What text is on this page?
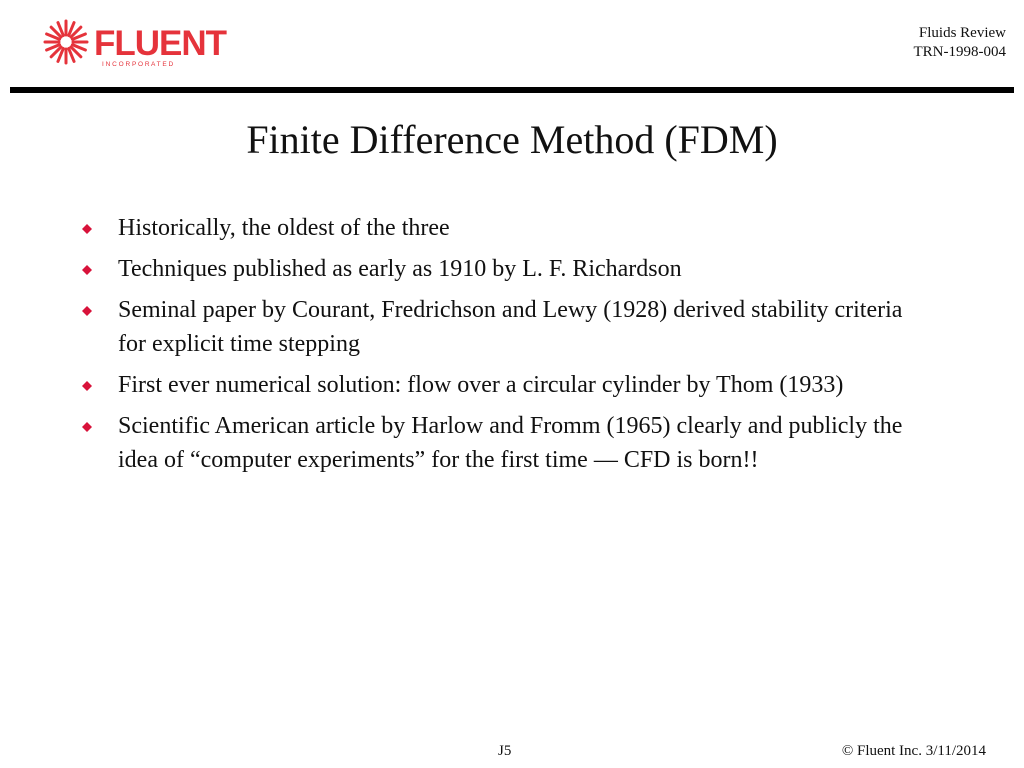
FLUENT
I N C O R P O R A T E D
Fluids Review
TRN-1998-004
Finite Difference Method (FDM)
Historically, the oldest of the three
Techniques published as early as 1910 by L. F. Richardson
Seminal paper by Courant, Fredrichson and Lewy (1928) derived stability criteria for explicit time stepping
First ever numerical solution: flow over a circular cylinder by Thom (1933)
Scientific American article by Harlow and Fromm (1965) clearly and publicly the idea of “computer experiments” for the first time — CFD is born!!
J5	© Fluent Inc. 3/11/2014
